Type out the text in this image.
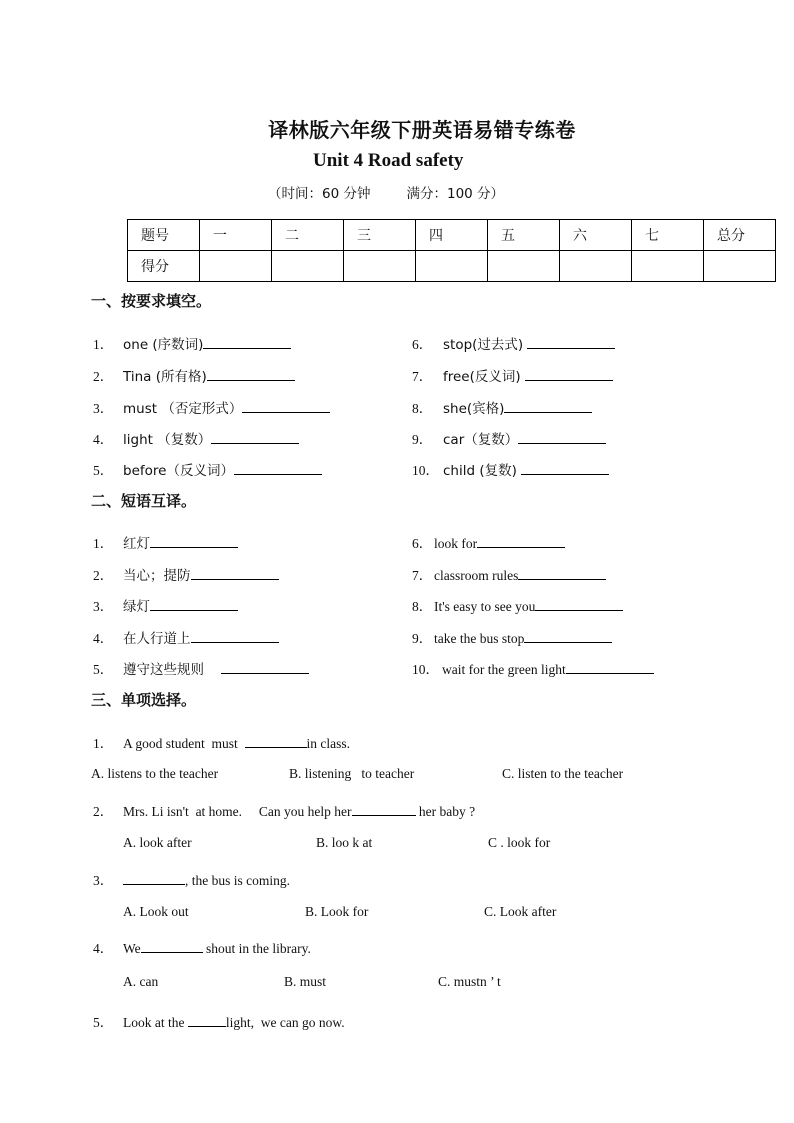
译林版六年级下册英语易错专练卷
Unit 4 Road safety
（时间：60 分钟	满分：100 分）
题号	一	二	三	四	五	六	七	总分
得分								
一、按要求填空。
1． one (序数词)
2． Tina (所有格)
3． must （否定形式）
4． light （复数）
5． before（反义词）
6． stop(过去式)
7． free(反义词)
8． she(宾格)
9． car（复数）
10． child (复数)
二、短语互译。
1． 红灯
2． 当心；提防
3． 绿灯
4． 在人行道上
5． 遵守这些规则
6． look for
7． classroom rules
8． It's easy to see you
9． take the bus stop
10． wait for the green light
三、单项选择。
1． A good student  must	in class.
A. listens to the teacher	B. listening   to teacher	C. listen to the teacher
2． Mrs. Li isn't  at home.     Can you help her	her baby ?
A. look after	B. loo k at	C . look for
3．	, the bus is coming.
A. Look out	B. Look for	C. Look after
4． We	shout in the library.
A. can	B. must	C. mustn ’ t
5． Look at the	light,  we can go now.
